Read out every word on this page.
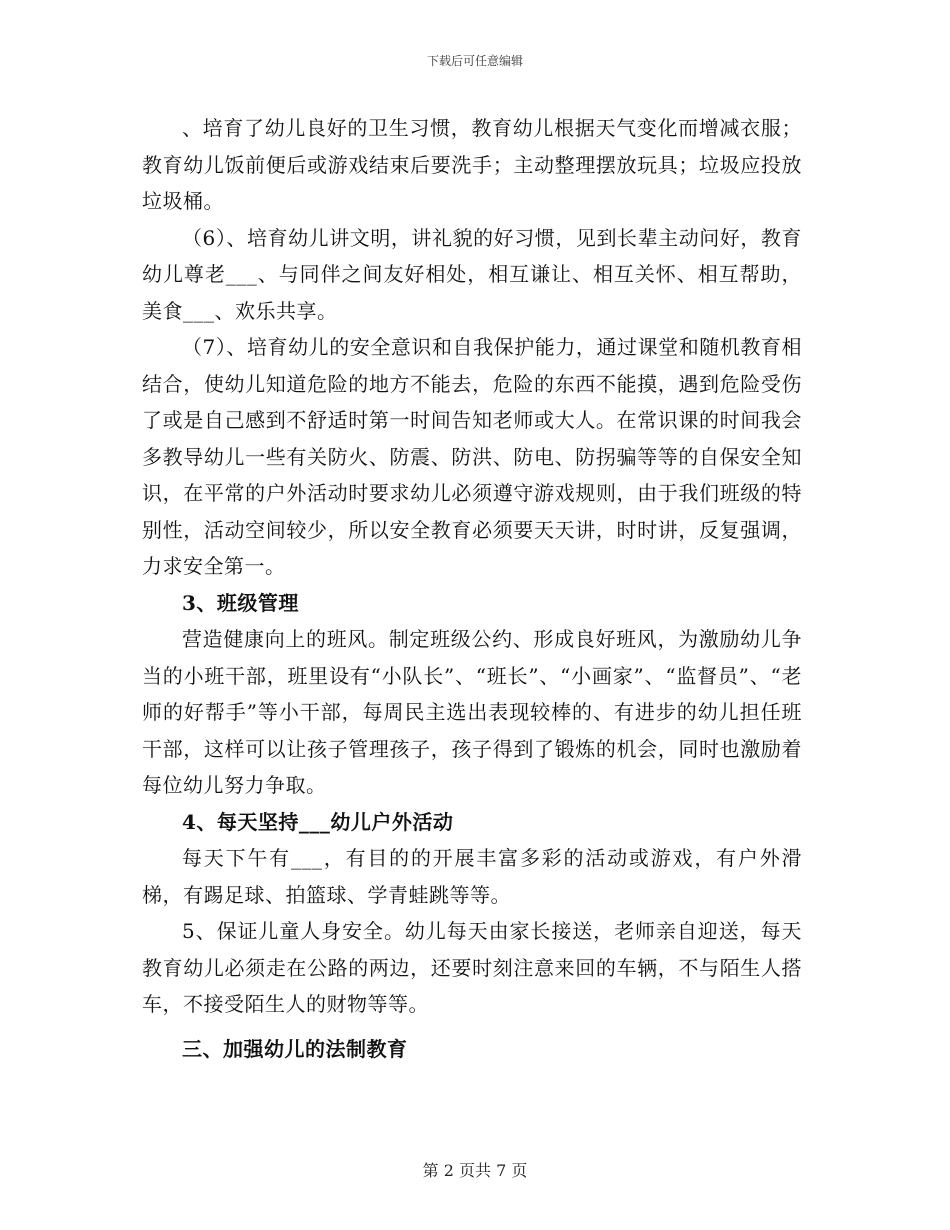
下载后可任意编辑

、培育了幼儿良好的卫生习惯，教育幼儿根据天气变化而增减衣服；教育幼儿饭前便后或游戏结束后要洗手；主动整理摆放玩具；垃圾应投放垃圾桶。

（6）、培育幼儿讲文明，讲礼貌的好习惯，见到长辈主动问好，教育幼儿尊老___、与同伴之间友好相处，相互谦让、相互关怀、相互帮助，美食___、欢乐共享。

（7）、培育幼儿的安全意识和自我保护能力，通过课堂和随机教育相结合，使幼儿知道危险的地方不能去，危险的东西不能摸，遇到危险受伤了或是自己感到不舒适时第一时间告知老师或大人。在常识课的时间我会多教导幼儿一些有关防火、防震、防洪、防电、防拐骗等等的自保安全知识，在平常的户外活动时要求幼儿必须遵守游戏规则，由于我们班级的特别性，活动空间较少，所以安全教育必须要天天讲，时时讲，反复强调，力求安全第一。

3、班级管理

营造健康向上的班风。制定班级公约、形成良好班风，为激励幼儿争当的小班干部，班里设有“小队长”、“班长”、“小画家”、“监督员”、“老师的好帮手”等小干部，每周民主选出表现较棒的、有进步的幼儿担任班干部，这样可以让孩子管理孩子，孩子得到了锻炼的机会，同时也激励着每位幼儿努力争取。

4、每天坚持___幼儿户外活动

每天下午有___，有目的的开展丰富多彩的活动或游戏，有户外滑梯，有踢足球、拍篮球、学青蛙跳等等。

5、保证儿童人身安全。幼儿每天由家长接送，老师亲自迎送，每天教育幼儿必须走在公路的两边，还要时刻注意来回的车辆，不与陌生人搭车，不接受陌生人的财物等等。

三、加强幼儿的法制教育

第 2 页共 7 页
